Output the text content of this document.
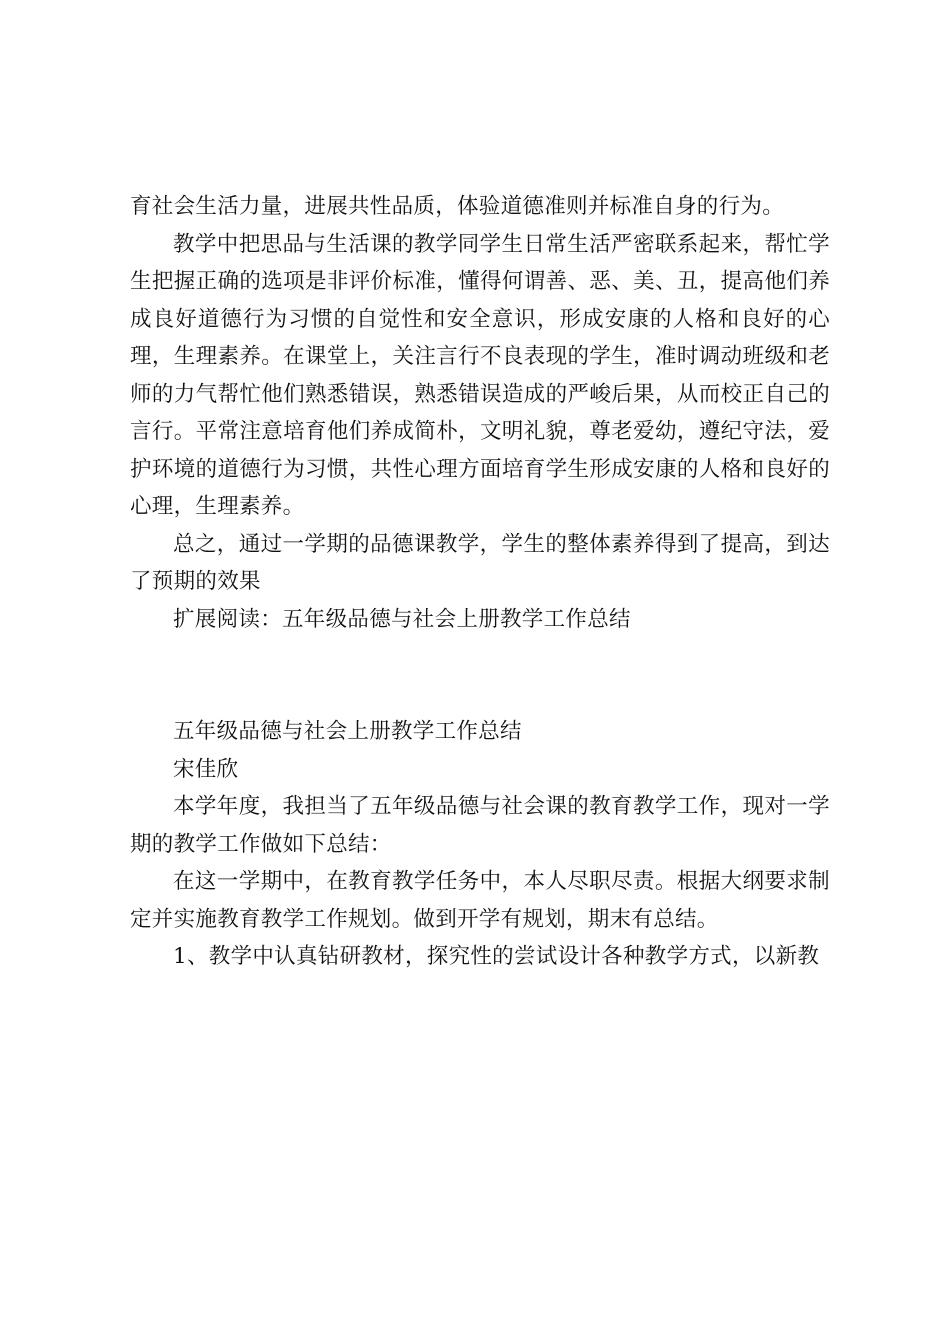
育社会生活力量，进展共性品质，体验道德准则并标准自身的行为。

教学中把思品与生活课的教学同学生日常生活严密联系起来，帮忙学生把握正确的选项是非评价标准，懂得何谓善、恶、美、丑，提高他们养成良好道德行为习惯的自觉性和安全意识，形成安康的人格和良好的心理，生理素养。在课堂上，关注言行不良表现的学生，准时调动班级和老师的力气帮忙他们熟悉错误，熟悉错误造成的严峻后果，从而校正自己的言行。平常注意培育他们养成简朴，文明礼貌，尊老爱幼，遵纪守法，爱护环境的道德行为习惯，共性心理方面培育学生形成安康的人格和良好的心理，生理素养。

总之，通过一学期的品德课教学，学生的整体素养得到了提高，到达了预期的效果

扩展阅读：五年级品德与社会上册教学工作总结

五年级品德与社会上册教学工作总结

宋佳欣

本学年度，我担当了五年级品德与社会课的教育教学工作，现对一学期的教学工作做如下总结：

在这一学期中，在教育教学任务中，本人尽职尽责。根据大纲要求制定并实施教育教学工作规划。做到开学有规划，期末有总结。

1、教学中认真钻研教材，探究性的尝试设计各种教学方式，以新教
